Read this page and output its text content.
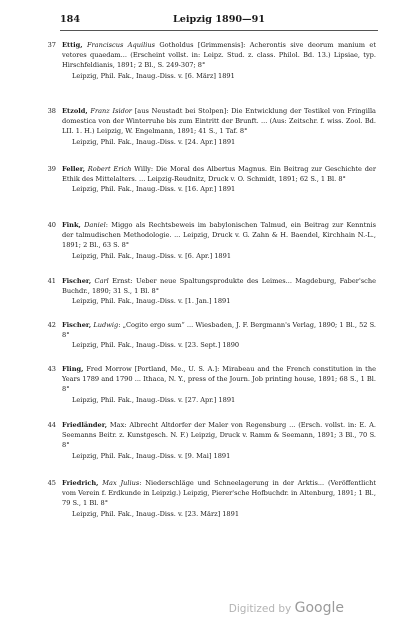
184	Leipzig 1890—91
37 Ettig, Franciscus Aquilius Gotholdus [Grimmensis]: Acherontis sive deorum manium et vetores quaedam... (Erscheint vollst. in: Leipz. Stud. z. class. Philol. Bd. 13.) Lipsiae, typ. Hirschfeldianis, 1891; 2 Bl., S. 249-307; 8°
Leipzig, Phil. Fak., Inaug.-Diss. v. [6. März] 1891
38 Etzold, Franz Isidor [aus Neustadt bei Stolpen]: Die Entwicklung der Testikel von Fringilla domestica von der Winterruhe bis zum Eintritt der Brunft. ... (Aus: Zeitschr. f. wiss. Zool. Bd. LII. 1. H.) Leipzig, W. Engelmann, 1891; 41 S., 1 Taf. 8°
Leipzig, Phil. Fak., Inaug.-Diss. v. [24. Apr.] 1891
39 Feller, Robert Erich Willy: Die Moral des Albertus Magnus. Ein Beitrag zur Geschichte der Ethik des Mittelalters. ... Leipzig-Reudnitz, Druck v. O. Schmidt, 1891; 62 S., 1 Bl. 8°
Leipzig, Phil. Fak., Inaug.-Diss. v. [16. Apr.] 1891
40 Fink, Daniel: Miggo als Rechtsbeweis im babylonischen Talmud, ein Beitrag zur Kenntnis der talmudischen Methodologie. ... Leipzig, Druck v. G. Zahn & H. Baendel, Kirchhain N.-L., 1891; 2 Bl., 63 S. 8°
Leipzig, Phil. Fak., Inaug.-Diss. v. [6. Apr.] 1891
41 Fischer, Carl Ernst: Ueber neue Spaltungsprodukte des Leimes... Magdeburg, Faber'sche Buchdr., 1890; 31 S., 1 Bl. 8°
Leipzig, Phil. Fak., Inaug.-Diss. v. [1. Jan.] 1891
42 Fischer, Ludwig: „Cogito ergo sum“ ... Wiesbaden, J. F. Bergmann's Verlag, 1890; 1 Bl., 52 S. 8°
Leipzig, Phil. Fak., Inaug.-Diss. v. [23. Sept.] 1890
43 Fling, Fred Morrow [Portland, Me., U. S. A.]: Mirabeau and the French constitution in the Years 1789 and 1790 ... Ithaca, N. Y., press of the Journ. Job printing house, 1891; 68 S., 1 Bl. 8°
Leipzig, Phil. Fak., Inaug.-Diss. v. [27. Apr.] 1891
44 Friedländer, Max: Albrecht Altdorfer der Maler von Regensburg ... (Ersch. vollst. in: E. A. Seemanns Beitr. z. Kunstgesch. N. F.) Leipzig, Druck v. Ramm & Seemann, 1891; 3 Bl., 70 S. 8°
Leipzig, Phil. Fak., Inaug.-Diss. v. [9. Mai] 1891
45 Friedrich, Max Julius: Niederschläge und Schneelagerung in der Arktis... (Veröffentlicht vom Verein f. Erdkunde in Leipzig.) Leipzig, Pierer'sche Hofbuchdr. in Altenburg, 1891; 1 Bl., 79 S., 1 Bl. 8°
Leipzig, Phil. Fak., Inaug.-Diss. v. [23. März] 1891
Digitized by Google
